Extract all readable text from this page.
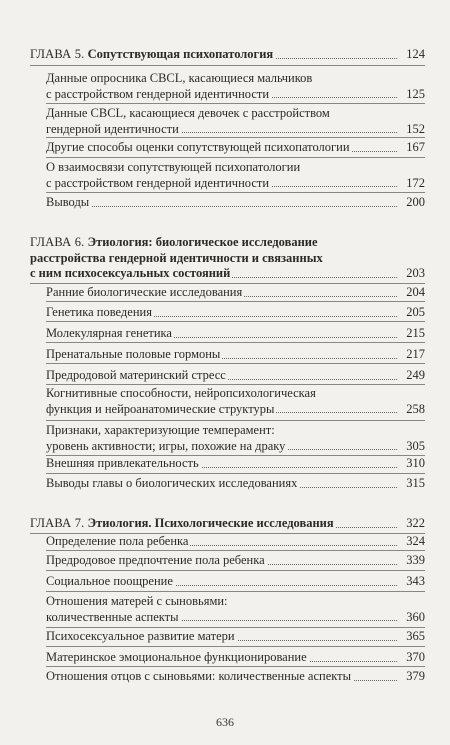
ГЛАВА 5. Сопутствующая психопатология	124
Данные опросника CBCL, касающиеся мальчиков
с расстройством гендерной идентичности	125
Данные CBCL, касающиеся девочек с расстройством
гендерной идентичности	152
Другие способы оценки сопутствующей психопатологии	167
О взаимосвязи сопутствующей психопатологии
с расстройством гендерной идентичности	172
Выводы	200
ГЛАВА 6. Этиология: биологическое исследование
расстройства гендерной идентичности и связанных
с ним психосексуальных состояний	203
Ранние биологические исследования	204
Генетика поведения	205
Молекулярная генетика	215
Пренатальные половые гормоны	217
Предродовой материнский стресс	249
Когнитивные способности, нейропсихологическая
функция и нейроанатомические структуры	258
Признаки, характеризующие темперамент:
уровень активности; игры, похожие на драку	305
Внешняя привлекательность	310
Выводы главы о биологических исследованиях	315
ГЛАВА 7. Этиология. Психологические исследования	322
Определение пола ребенка	324
Предродовое предпочтение пола ребенка	339
Социальное поощрение	343
Отношения матерей с сыновьями:
количественные аспекты	360
Психосексуальное развитие матери	365
Материнское эмоциональное функционирование	370
Отношения отцов с сыновьями: количественные аспекты	379
636
